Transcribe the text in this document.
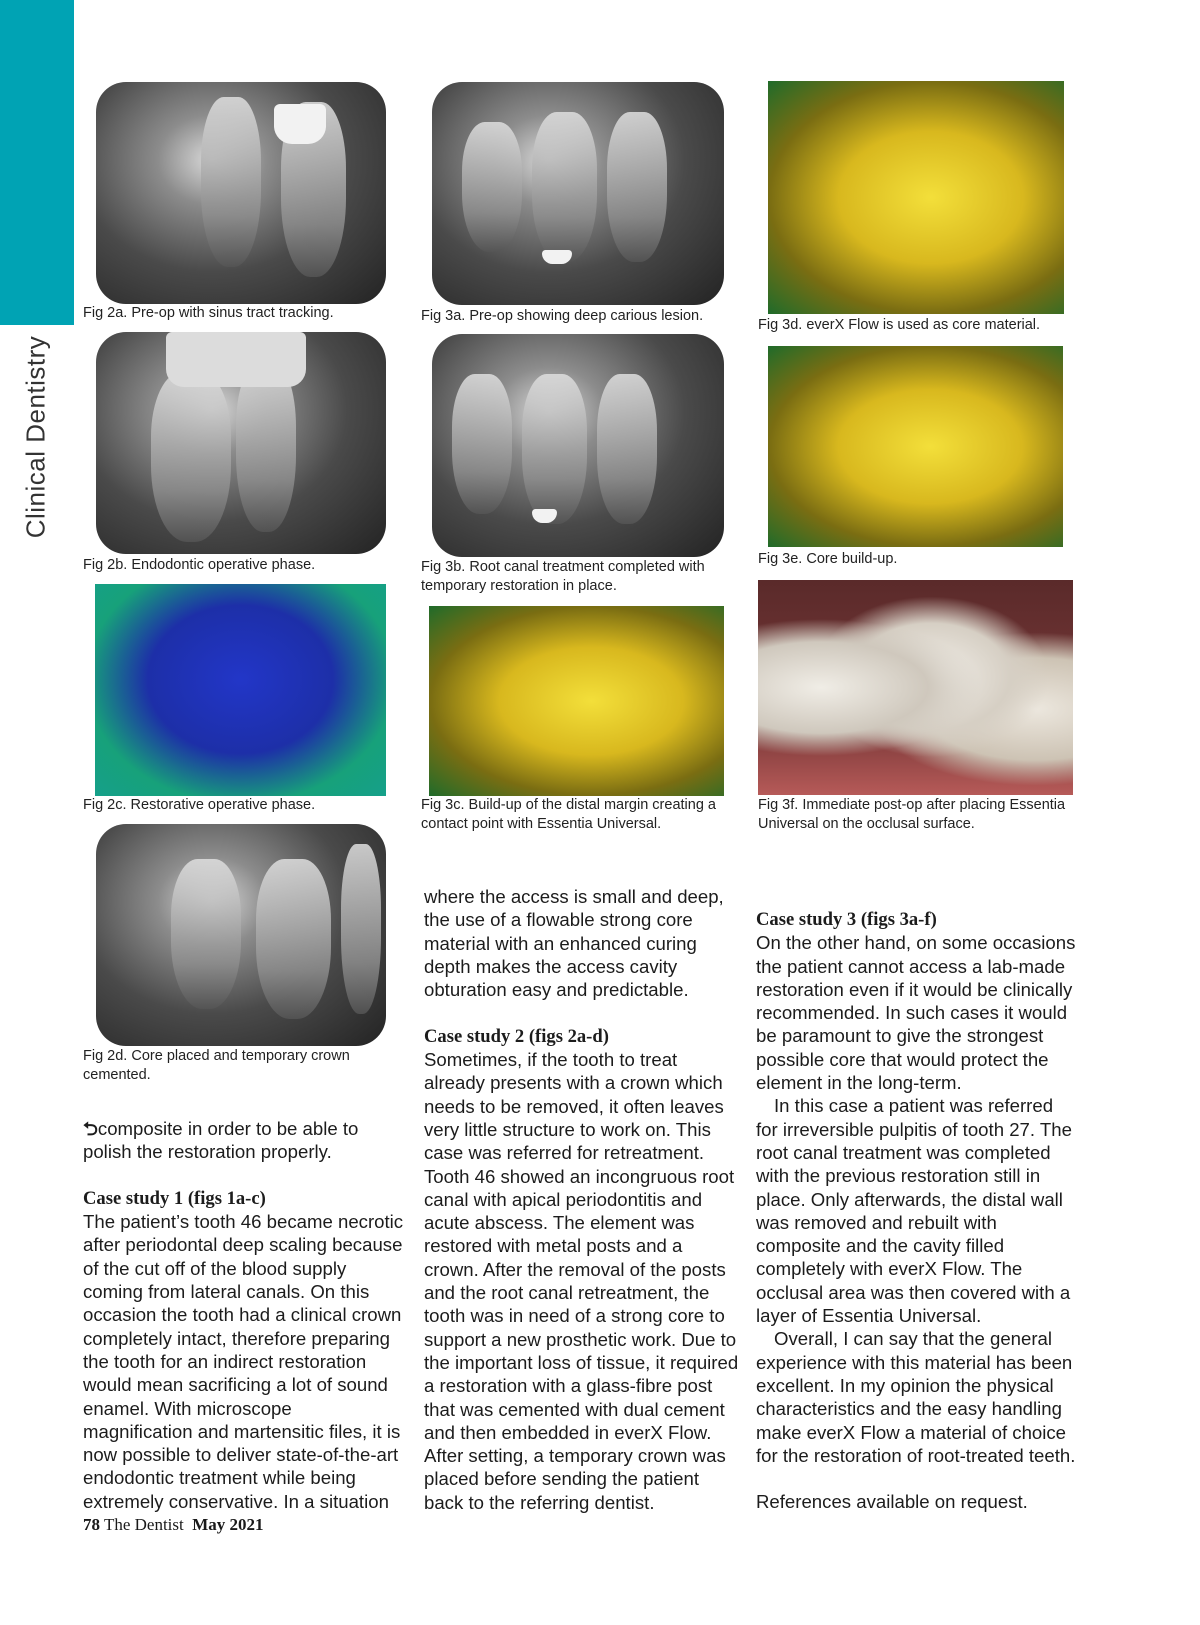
Clinical Dentistry
Fig 2a. Pre-op with sinus tract tracking.
Fig 2b. Endodontic operative phase.
Fig 2c. Restorative operative phase.
Fig 2d. Core placed and temporary crown cemented.
Fig 3a. Pre-op showing deep carious lesion.
Fig 3b. Root canal treatment completed with temporary restoration in place.
Fig 3c. Build-up of the distal margin creating a contact point with Essentia Universal.
Fig 3d. everX Flow is used as core material.
Fig 3e. Core build-up.
Fig 3f. Immediate post-op after placing Essentia Universal on the occlusal surface.

⮌composite in order to be able to polish the restoration properly.

Case study 1 (figs 1a-c)

The patient’s tooth 46 became necrotic after periodontal deep scaling because of the cut off of the blood supply coming from lateral canals. On this occasion the tooth had a clinical crown completely intact, therefore preparing the tooth for an indirect restoration would mean sacrificing a lot of sound enamel. With microscope magnification and martensitic files, it is now possible to deliver state-of-the-art endodontic treatment while being extremely conservative. In a situation

where the access is small and deep, the use of a flowable strong core material with an enhanced curing depth makes the access cavity obturation easy and predictable.

Case study 2 (figs 2a-d)

Sometimes, if the tooth to treat already presents with a crown which needs to be removed, it often leaves very little structure to work on. This case was referred for retreatment. Tooth 46 showed an incongruous root canal with apical periodontitis and acute abscess. The element was restored with metal posts and a crown. After the removal of the posts and the root canal retreatment, the tooth was in need of a strong core to support a new prosthetic work. Due to the important loss of tissue, it required a restoration with a glass-fibre post that was cemented with dual cement and then embedded in everX Flow. After setting, a temporary crown was placed before sending the patient back to the referring dentist.

Case study 3 (figs 3a-f)

On the other hand, on some occasions the patient cannot access a lab-made restoration even if it would be clinically recommended. In such cases it would be paramount to give the strongest possible core that would protect the element in the long-term.

In this case a patient was referred for irreversible pulpitis of tooth 27. The root canal treatment was completed with the previous restoration still in place. Only afterwards, the distal wall was removed and rebuilt with composite and the cavity filled completely with everX Flow. The occlusal area was then covered with a layer of Essentia Universal.

Overall, I can say that the general experience with this material has been excellent. In my opinion the physical characteristics and the easy handling make everX Flow a material of choice for the restoration of root-treated teeth.

References available on request.

78 The Dentist May 2021
